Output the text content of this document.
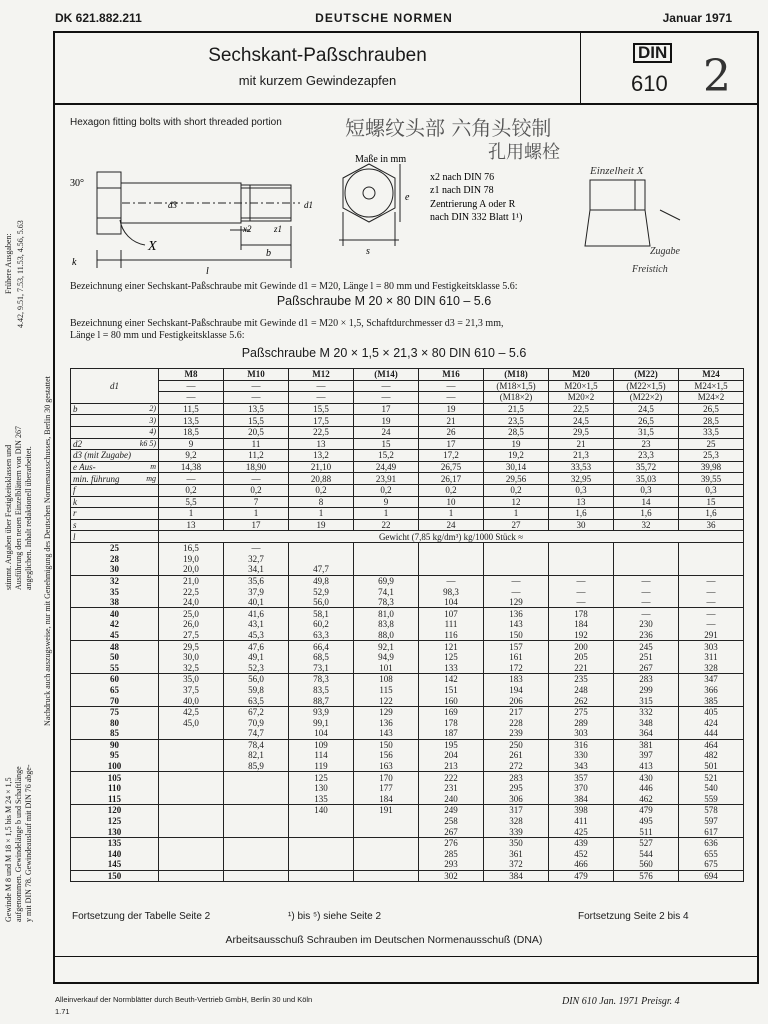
DK 621.882.211	DEUTSCHE NORMEN	Januar 1971
Sechskant-Paßschrauben
mit kurzem Gewindezapfen
DIN
610 2
Hexagon fitting bolts with short threaded portion	短螺纹头部 六角头铰制
孔用螺栓
30°
k
l
b
x2	z1
d3	d1
X	s
e
Maße in mm
x2 nach DIN 76
z1 nach DIN 78
Zentrierung A oder R
nach DIN 332 Blatt 1¹)
Einzelheit X
Zugabe
Freistich
Bezeichnung einer Sechskant-Paßschraube mit Gewinde d1 = M20, Länge l = 80 mm und Festigkeitsklasse 5.6:
Paßschraube M 20 × 80 DIN 610 – 5.6
Bezeichnung einer Sechskant-Paßschraube mit Gewinde d1 = M20 × 1,5, Schaftdurchmesser d3 = 21,3 mm,
Länge l = 80 mm und Festigkeitsklasse 5.6:
Paßschraube M 20 × 1,5 × 21,3 × 80 DIN 610 – 5.6
d1	M8	M10	M12	(M14)	M16	(M18)	M20	(M22)	M24
	—	—	—	—	—	(M18×1,5)	M20×1,5	(M22×1,5)	M24×1,5
	—	—	—	—	—	(M18×2)	M20×2	(M22×2)	M24×2
b 2)	11,5	13,5	15,5	17	19	21,5	22,5	24,5	26,5

3)	13,5	15,5	17,5	19	21	23,5	24,5	26,5	28,5

4)	18,5	20,5	22,5	24	26	28,5	29,5	31,5	33,5
d2 k6 5)	9	11	13	15	17	19	21	23	25
d3 (mit Zugabe)	9,2	11,2	13,2	15,2	17,2	19,2	21,3	23,3	25,3
e Aus- m	14,38	18,90	21,10	24,49	26,75	30,14	33,53	35,72	39,98
min. führung mg	—	—	20,88	23,91	26,17	29,56	32,95	35,03	39,55
f	0,2	0,2	0,2	0,2	0,2	0,2	0,3	0,3	0,3
k	5,5	7	8	9	10	12	13	14	15
r	1	1	1	1	1	1	1,6	1,6	1,6
s	13	17	19	22	24	27	30	32	36
l	Gewicht (7,85 kg/dm³) kg/1000 Stück ≈								
25	16,5	—							
28	19,0	32,7							
30	20,0	34,1	47,7						
32	21,0	35,6	49,8	69,9	—	—	—	—	—
35	22,5	37,9	52,9	74,1	98,3	—	—	—	—
38	24,0	40,1	56,0	78,3	104	129	—	—	—
40	25,0	41,6	58,1	81,0	107	136	178	—	—
42	26,0	43,1	60,2	83,8	111	143	184	230	—
45	27,5	45,3	63,3	88,0	116	150	192	236	291
48	29,5	47,6	66,4	92,1	121	157	200	245	303
50	30,0	49,1	68,5	94,9	125	161	205	251	311
55	32,5	52,3	73,1	101	133	172	221	267	328
60	35,0	56,0	78,3	108	142	183	235	283	347
65	37,5	59,8	83,5	115	151	194	248	299	366
70	40,0	63,5	88,7	122	160	206	262	315	385
75	42,5	67,2	93,9	129	169	217	275	332	405
80	45,0	70,9	99,1	136	178	228	289	348	424
85		74,7	104	143	187	239	303	364	444
90		78,4	109	150	195	250	316	381	464
95		82,1	114	156	204	261	330	397	482
100		85,9	119	163	213	272	343	413	501
105			125	170	222	283	357	430	521
110			130	177	231	295	370	446	540
115			135	184	240	306	384	462	559
120			140	191	249	317	398	479	578
125					258	328	411	495	597
130					267	339	425	511	617
135					276	350	439	527	636
140					285	361	452	544	655
145					293	372	466	560	675
150					302	384	479	576	694
Fortsetzung der Tabelle Seite 2	¹) bis ⁵) siehe Seite 2	Fortsetzung Seite 2 bis 4
Arbeitsausschuß Schrauben im Deutschen Normenausschuß (DNA)
Alleinverkauf der Normblätter durch Beuth-Vertrieb GmbH, Berlin 30 und Köln
1.71
DIN 610 Jan. 1971 Preisgr. 4
Frühere Ausgaben: 4.42, 9.51, 7.53, 11.53, 4.56, 5.63
Nachdruck auch auszugsweise, nur mit Genehmigung des Deutschen Normenausschusses, Berlin 30 gestattet
stimmt. Angaben über Festigkeitsklassen und Ausführung den neuen Einzelblättern von DIN 267 angeglichen. Inhalt redaktionell überarbeitet.
Gewinde M 8 und M 18 × 1,5 bis M 24 × 1,5 aufgenommen. Gewindelänge b und Schaftlänge y mit DIN 78. Gewindeauslauf mit DIN 76 abge-
